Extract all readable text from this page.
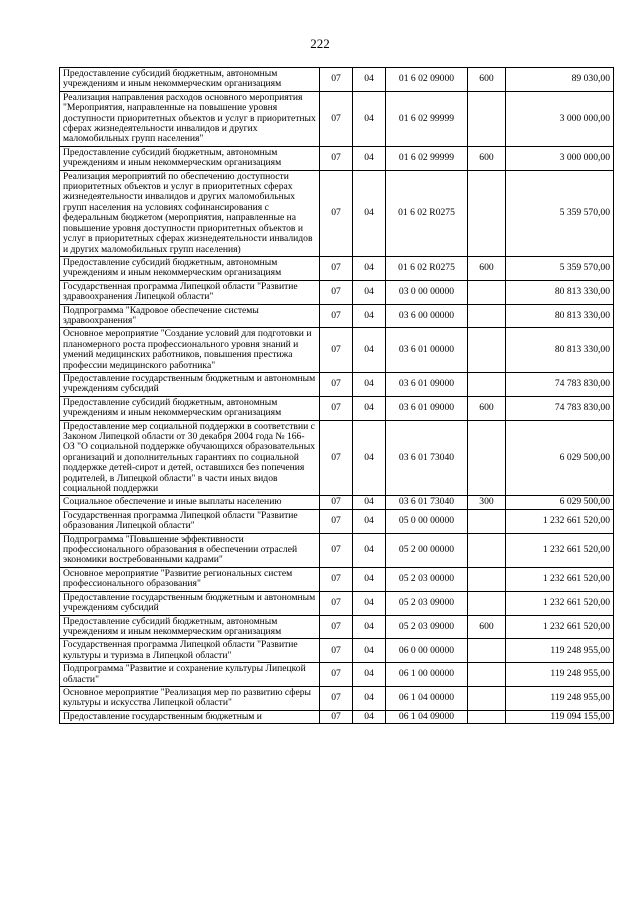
222
Предоставление субсидий бюджетным, автономным учреждениям и иным некоммерческим организациям	07	04	01 6 02 09000	600	89 030,00
Реализация направления расходов основного мероприятия "Мероприятия, направленные на повышение уровня доступности приоритетных объектов и услуг в приоритетных сферах жизнедеятельности инвалидов и других маломобильных групп населения"	07	04	01 6 02 99999		3 000 000,00
Предоставление субсидий бюджетным, автономным учреждениям и иным некоммерческим организациям	07	04	01 6 02 99999	600	3 000 000,00
Реализация мероприятий по обеспечению доступности приоритетных объектов и услуг в приоритетных сферах жизнедеятельности инвалидов и других маломобильных групп населения на условиях софинансирования с федеральным бюджетом (мероприятия, направленные на повышение уровня доступности приоритетных объектов и услуг в приоритетных сферах жизнедеятельности инвалидов и других маломобильных групп населения)	07	04	01 6 02 R0275		5 359 570,00
Предоставление субсидий бюджетным, автономным учреждениям и иным некоммерческим организациям	07	04	01 6 02 R0275	600	5 359 570,00
Государственная программа Липецкой области "Развитие здравоохранения Липецкой области"	07	04	03 0 00 00000		80 813 330,00
Подпрограмма "Кадровое обеспечение системы здравоохранения"	07	04	03 6 00 00000		80 813 330,00
Основное мероприятие "Создание условий для подготовки и планомерного роста профессионального уровня знаний и умений медицинских работников, повышения престижа профессии медицинского работника"	07	04	03 6 01 00000		80 813 330,00
Предоставление государственным бюджетным и автономным учреждениям субсидий	07	04	03 6 01 09000		74 783 830,00
Предоставление субсидий бюджетным, автономным учреждениям и иным некоммерческим организациям	07	04	03 6 01 09000	600	74 783 830,00
Предоставление мер социальной поддержки в соответствии с Законом Липецкой области от 30 декабря 2004 года № 166-ОЗ "О социальной поддержке обучающихся образовательных организаций и дополнительных гарантиях по социальной поддержке детей-сирот и детей, оставшихся без попечения родителей, в Липецкой области" в части иных видов социальной поддержки	07	04	03 6 01 73040		6 029 500,00
Социальное обеспечение и иные выплаты населению	07	04	03 6 01 73040	300	6 029 500,00
Государственная программа Липецкой области "Развитие образования Липецкой области"	07	04	05 0 00 00000		1 232 661 520,00
Подпрограмма "Повышение эффективности профессионального образования в обеспечении отраслей экономики востребованными кадрами"	07	04	05 2 00 00000		1 232 661 520,00
Основное мероприятие "Развитие региональных систем профессионального образования"	07	04	05 2 03 00000		1 232 661 520,00
Предоставление государственным бюджетным и автономным учреждениям субсидий	07	04	05 2 03 09000		1 232 661 520,00
Предоставление субсидий бюджетным, автономным учреждениям и иным некоммерческим организациям	07	04	05 2 03 09000	600	1 232 661 520,00
Государственная программа Липецкой области "Развитие культуры и туризма в Липецкой области"	07	04	06 0 00 00000		119 248 955,00
Подпрограмма "Развитие и сохранение культуры Липецкой области"	07	04	06 1 00 00000		119 248 955,00
Основное мероприятие "Реализация мер по развитию сферы культуры и искусства Липецкой области"	07	04	06 1 04 00000		119 248 955,00
Предоставление государственным бюджетным и	07	04	06 1 04 09000		119 094 155,00
